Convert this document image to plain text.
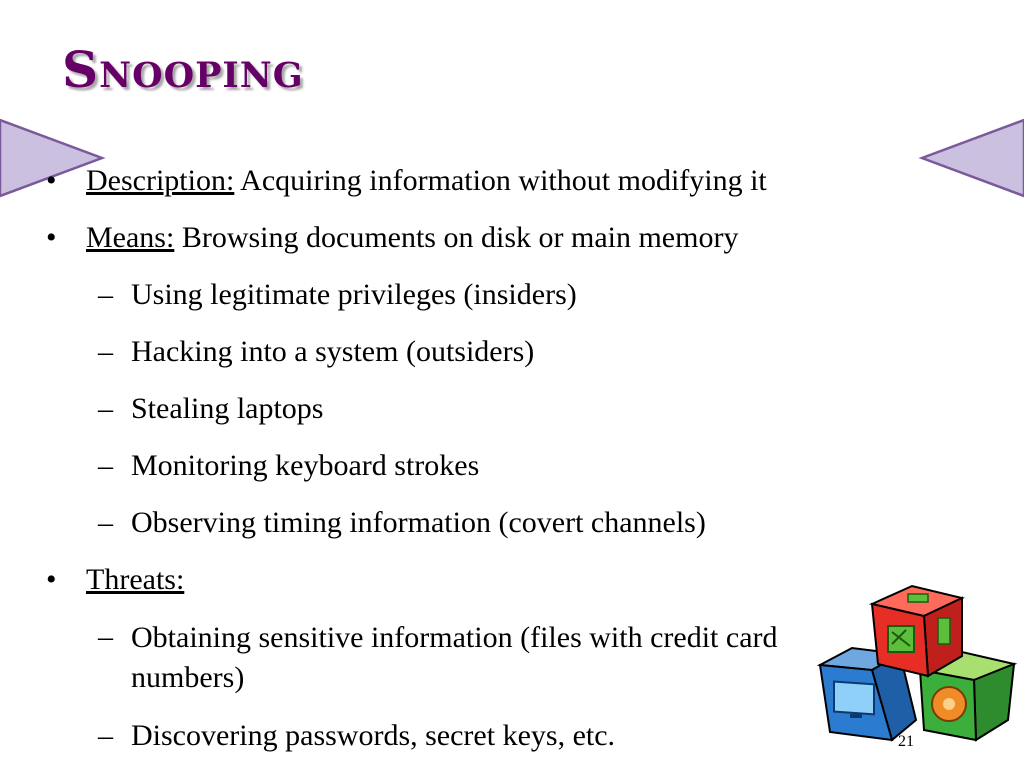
Snooping
• Description: Acquiring information without modifying it
• Means: Browsing documents on disk or main memory
– Using legitimate privileges (insiders)
– Hacking into a system (outsiders)
– Stealing laptops
– Monitoring keyboard strokes
– Observing timing information (covert channels)
• Threats:
– Obtaining sensitive information (files with credit card numbers)
– Discovering passwords, secret keys, etc.	21
